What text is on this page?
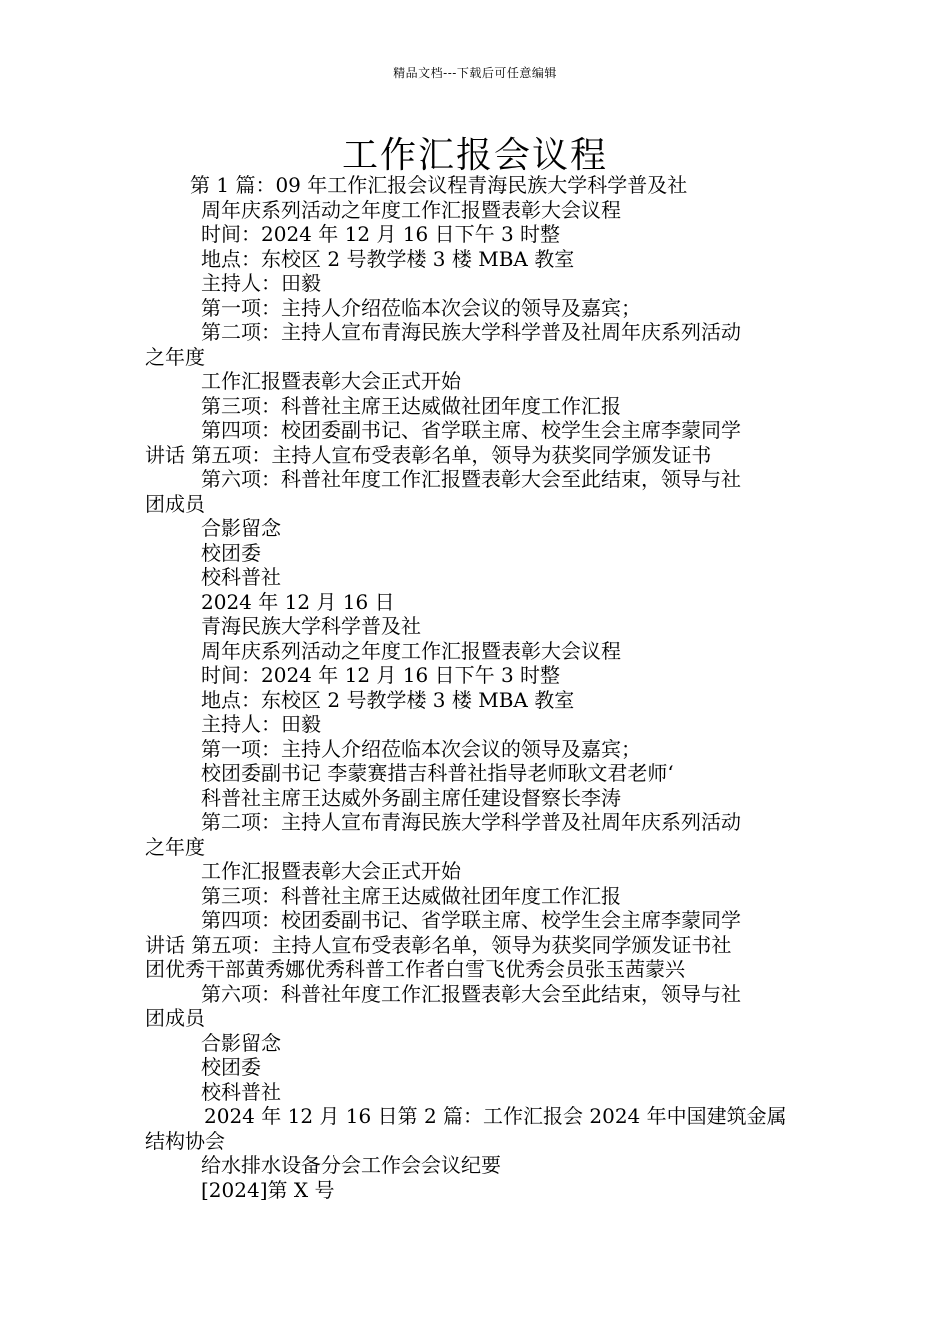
精品文档---下载后可任意编辑
工作汇报会议程
第 1 篇：09 年工作汇报会议程青海民族大学科学普及社
周年庆系列活动之年度工作汇报暨表彰大会议程
时间：2024 年 12 月 16 日下午 3 时整
地点：东校区 2 号教学楼 3 楼 MBA 教室
主持人：田毅
第一项：主持人介绍莅临本次会议的领导及嘉宾；
第二项：主持人宣布青海民族大学科学普及社周年庆系列活动
之年度
工作汇报暨表彰大会正式开始
第三项：科普社主席王达威做社团年度工作汇报
第四项：校团委副书记、省学联主席、校学生会主席李蒙同学
讲话 第五项：主持人宣布受表彰名单，领导为获奖同学颁发证书
第六项：科普社年度工作汇报暨表彰大会至此结束，领导与社
团成员
合影留念
校团委
校科普社
2024 年 12 月 16 日
青海民族大学科学普及社
周年庆系列活动之年度工作汇报暨表彰大会议程
时间：2024 年 12 月 16 日下午 3 时整
地点：东校区 2 号教学楼 3 楼 MBA 教室
主持人：田毅
第一项：主持人介绍莅临本次会议的领导及嘉宾；
校团委副书记 李蒙赛措吉科普社指导老师耿文君老师‘
科普社主席王达威外务副主席任建设督察长李涛
第二项：主持人宣布青海民族大学科学普及社周年庆系列活动
之年度
工作汇报暨表彰大会正式开始
第三项：科普社主席王达威做社团年度工作汇报
第四项：校团委副书记、省学联主席、校学生会主席李蒙同学
讲话 第五项：主持人宣布受表彰名单，领导为获奖同学颁发证书社
团优秀干部黄秀娜优秀科普工作者白雪飞优秀会员张玉茜蒙兴
第六项：科普社年度工作汇报暨表彰大会至此结束，领导与社
团成员
合影留念
校团委
校科普社
2024 年 12 月 16 日第 2 篇：工作汇报会 2024 年中国建筑金属
结构协会
给水排水设备分会工作会会议纪要
[2024]第 X 号
